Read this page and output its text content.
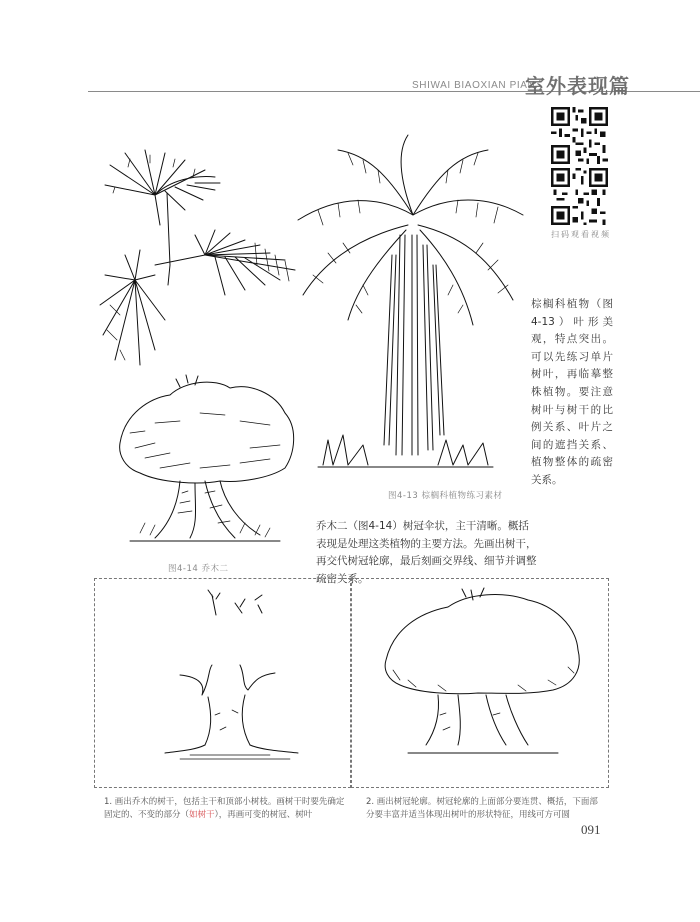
SHIWAI BIAOXIAN PIAN
室外表现篇
扫码观看视频
棕榈科植物（图4-13）叶形美观，特点突出。可以先练习单片树叶，再临摹整株植物。要注意树叶与树干的比例关系、叶片之间的遮挡关系、植物整体的疏密关系。
图4-13 棕榈科植物练习素材
图4-14 乔木二
乔木二（图4-14）树冠伞状，主干清晰。概括表现是处理这类植物的主要方法。先画出树干，再交代树冠轮廓，最后刻画交界线、细节并调整疏密关系。
1. 画出乔木的树干，包括主干和顶部小树枝。画树干时要先确定固定的、不变的部分（如树干），再画可变的树冠、树叶
2. 画出树冠轮廓。树冠轮廓的上面部分要连贯、概括，下面部分要丰富并适当体现出树叶的形状特征，用线可方可圆
091
